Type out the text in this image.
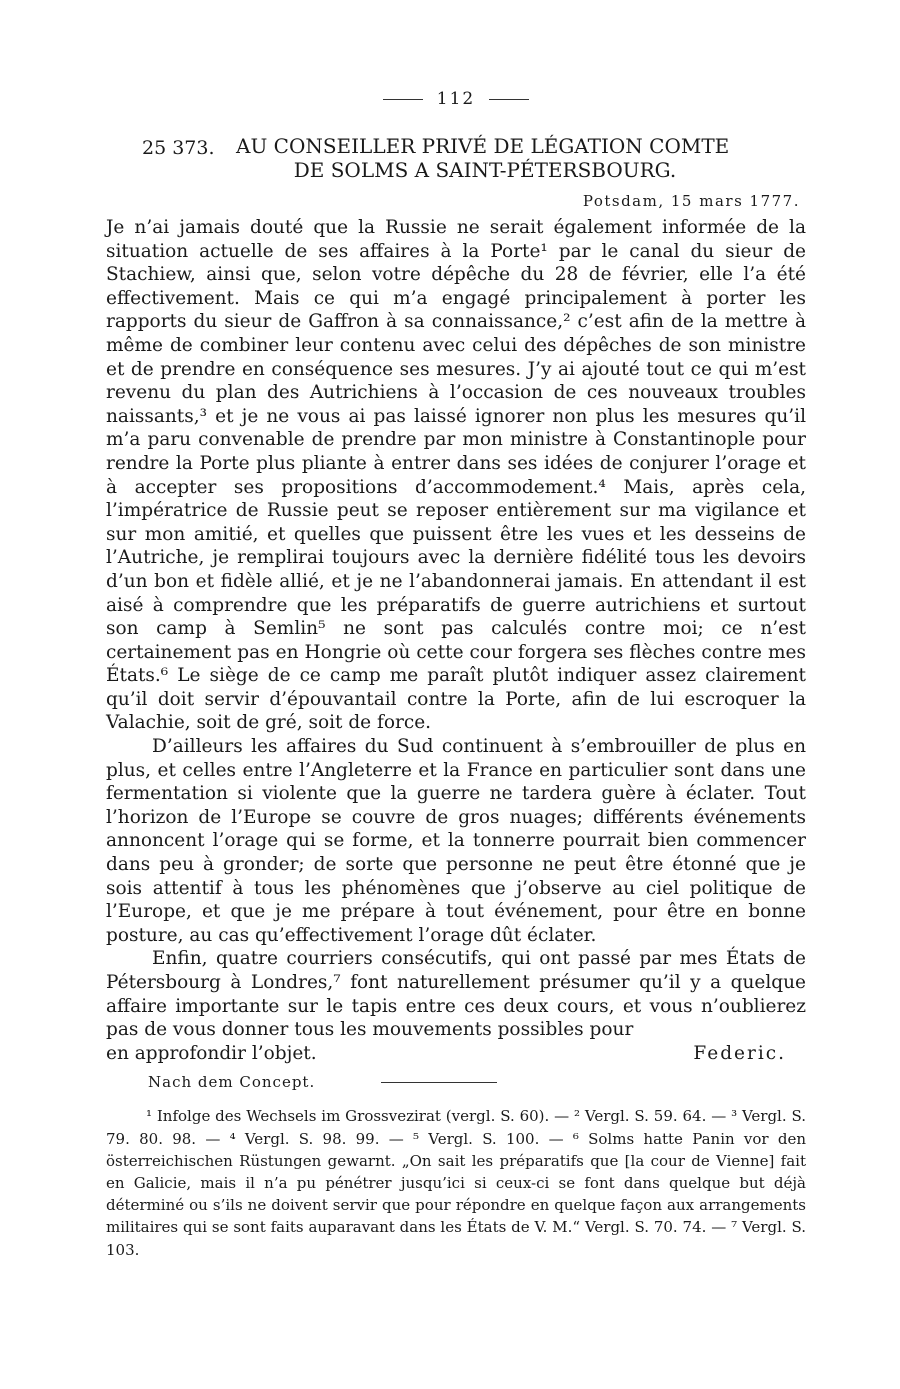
112
25 373.	AU CONSEILLER PRIVÉ DE LÉGATION COMTE
DE SOLMS A SAINT-PÉTERSBOURG.
Potsdam, 15 mars 1777.

Je n’ai jamais douté que la Russie ne serait également informée de la situation actuelle de ses affaires à la Porte¹ par le canal du sieur de Stachiew, ainsi que, selon votre dépêche du 28 de février, elle l’a été effectivement. Mais ce qui m’a engagé principalement à porter les rapports du sieur de Gaffron à sa connaissance,² c’est afin de la mettre à même de combiner leur contenu avec celui des dépêches de son ministre et de prendre en conséquence ses mesures. J’y ai ajouté tout ce qui m’est revenu du plan des Autrichiens à l’occasion de ces nouveaux troubles naissants,³ et je ne vous ai pas laissé ignorer non plus les mesures qu’il m’a paru convenable de prendre par mon ministre à Constantinople pour rendre la Porte plus pliante à entrer dans ses idées de conjurer l’orage et à accepter ses propositions d’accommodement.⁴ Mais, après cela, l’impératrice de Russie peut se reposer entièrement sur ma vigilance et sur mon amitié, et quelles que puissent être les vues et les desseins de l’Autriche, je remplirai toujours avec la dernière fidélité tous les devoirs d’un bon et fidèle allié, et je ne l’abandonnerai jamais. En attendant il est aisé à comprendre que les préparatifs de guerre autrichiens et surtout son camp à Semlin⁵ ne sont pas calculés contre moi; ce n’est certainement pas en Hongrie où cette cour forgera ses flèches contre mes États.⁶ Le siège de ce camp me paraît plutôt indiquer assez clairement qu’il doit servir d’épouvantail contre la Porte, afin de lui escroquer la Valachie, soit de gré, soit de force.

D’ailleurs les affaires du Sud continuent à s’embrouiller de plus en plus, et celles entre l’Angleterre et la France en particulier sont dans une fermentation si violente que la guerre ne tardera guère à éclater. Tout l’horizon de l’Europe se couvre de gros nuages; différents événements annoncent l’orage qui se forme, et la tonnerre pourrait bien commencer dans peu à gronder; de sorte que personne ne peut être étonné que je sois attentif à tous les phénomènes que j’observe au ciel politique de l’Europe, et que je me prépare à tout événement, pour être en bonne posture, au cas qu’effectivement l’orage dût éclater.

Enfin, quatre courriers consécutifs, qui ont passé par mes États de Pétersbourg à Londres,⁷ font naturellement présumer qu’il y a quelque affaire importante sur le tapis entre ces deux cours, et vous n’oublierez pas de vous donner tous les mouvements possibles pour

en approfondir l’objet.	Federic.
Nach dem Concept.

¹ Infolge des Wechsels im Grossvezirat (vergl. S. 60). — ² Vergl. S. 59. 64. — ³ Vergl. S. 79. 80. 98. — ⁴ Vergl. S. 98. 99. — ⁵ Vergl. S. 100. — ⁶ Solms hatte Panin vor den österreichischen Rüstungen gewarnt. „On sait les préparatifs que [la cour de Vienne] fait en Galicie, mais il n’a pu pénétrer jusqu’ici si ceux-ci se font dans quelque but déjà déterminé ou s’ils ne doivent servir que pour répondre en quelque façon aux arrangements militaires qui se sont faits auparavant dans les États de V. M.“ Vergl. S. 70. 74. — ⁷ Vergl. S. 103.
